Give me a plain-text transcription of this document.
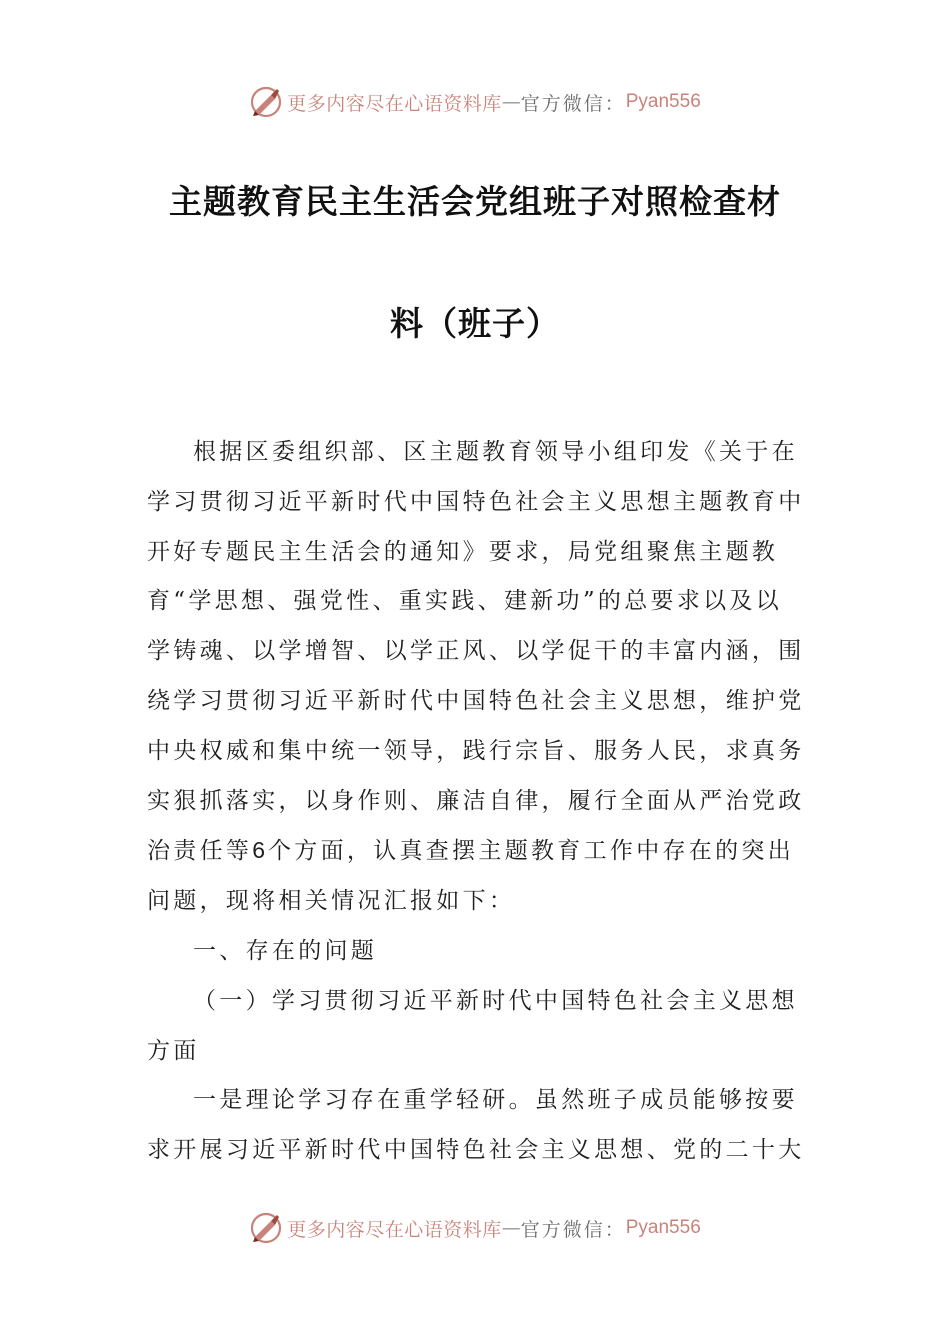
更多内容尽在心语资料库 — 官方微信： Pyan556
主题教育民主生活会党组班子对照检查材
料（班子）

根据区委组织部、区主题教育领导小组印发《关于在学习贯彻习近平新时代中国特色社会主义思想主题教育中开好专题民主生活会的通知》要求，局党组聚焦主题教育“学思想、强党性、重实践、建新功”的总要求以及以学铸魂、以学增智、以学正风、以学促干的丰富内涵，围绕学习贯彻习近平新时代中国特色社会主义思想，维护党中央权威和集中统一领导，践行宗旨、服务人民，求真务实狠抓落实，以身作则、廉洁自律，履行全面从严治党政治责任等6个方面，认真查摆主题教育工作中存在的突出问题，现将相关情况汇报如下：

一、存在的问题

（一）学习贯彻习近平新时代中国特色社会主义思想方面

一是理论学习存在重学轻研。虽然班子成员能够按要求开展习近平新时代中国特色社会主义思想、党的二十大

更多内容尽在心语资料库 — 官方微信： Pyan556
